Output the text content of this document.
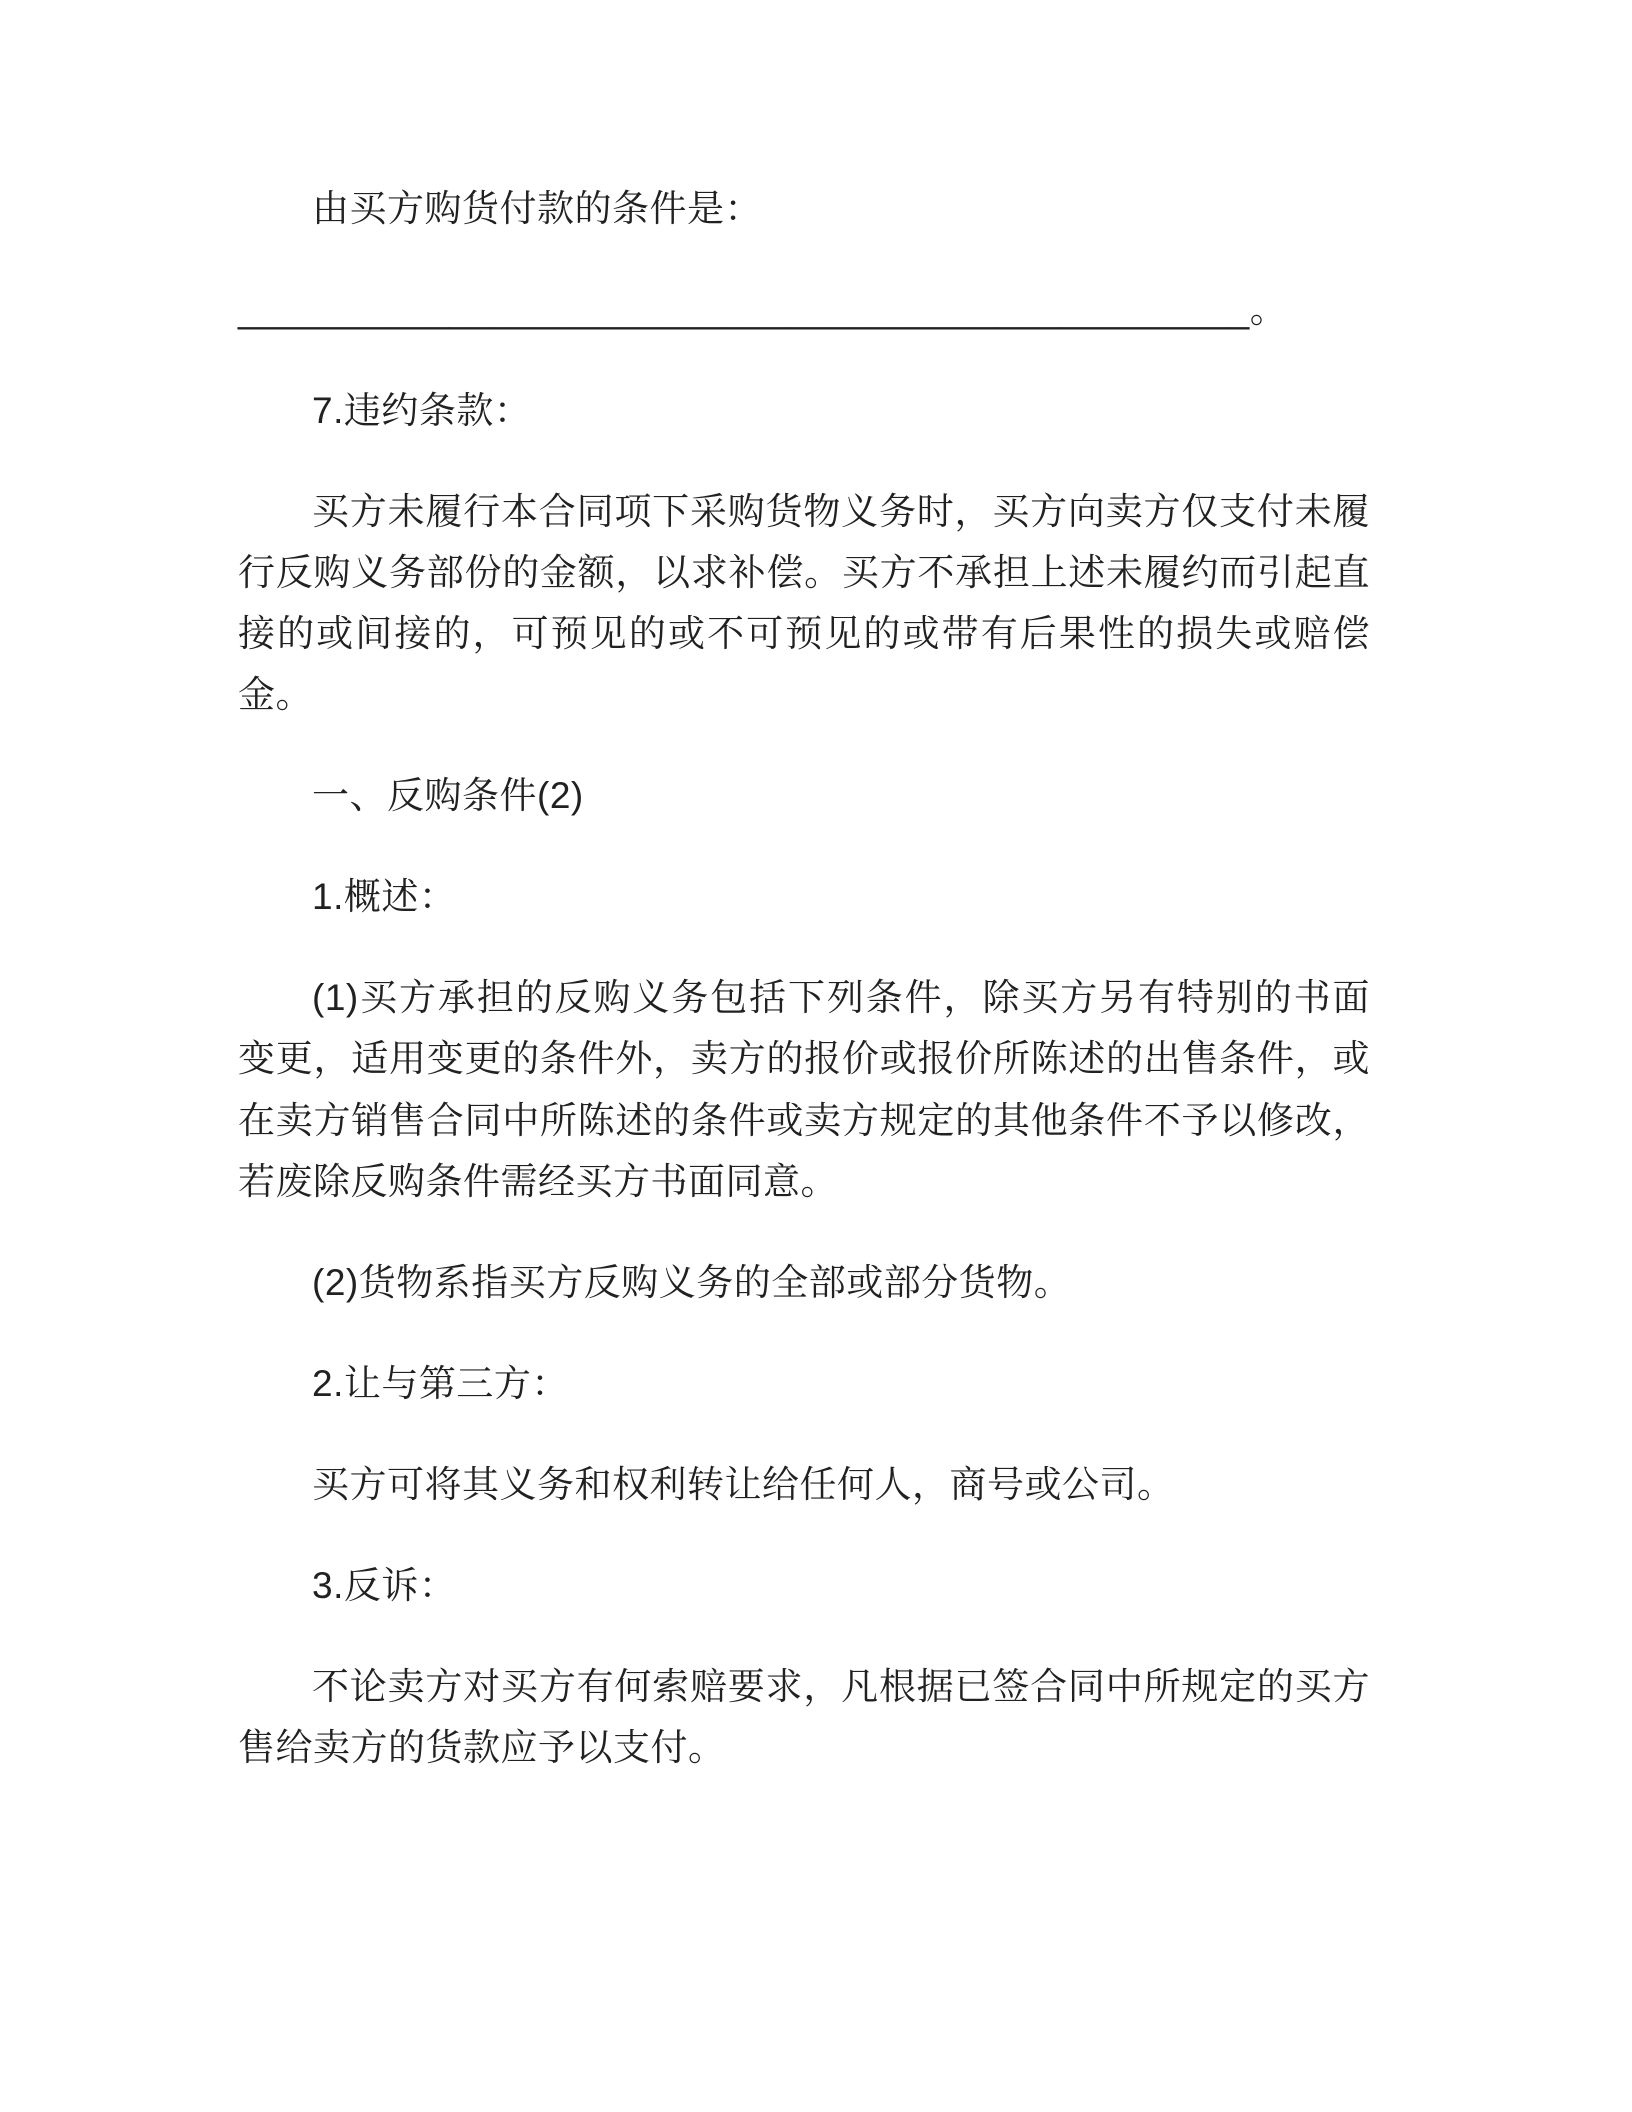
由买方购货付款的条件是：

________________________________________________。

7.违约条款：

买方未履行本合同项下采购货物义务时，买方向卖方仅支付未履行反购义务部份的金额，以求补偿。买方不承担上述未履约而引起直接的或间接的，可预见的或不可预见的或带有后果性的损失或赔偿金。

一、反购条件(2)

1.概述：

(1)买方承担的反购义务包括下列条件，除买方另有特别的书面变更，适用变更的条件外，卖方的报价或报价所陈述的出售条件，或在卖方销售合同中所陈述的条件或卖方规定的其他条件不予以修改，若废除反购条件需经买方书面同意。

(2)货物系指买方反购义务的全部或部分货物。

2.让与第三方：

买方可将其义务和权利转让给任何人，商号或公司。

3.反诉：

不论卖方对买方有何索赔要求，凡根据已签合同中所规定的买方售给卖方的货款应予以支付。
